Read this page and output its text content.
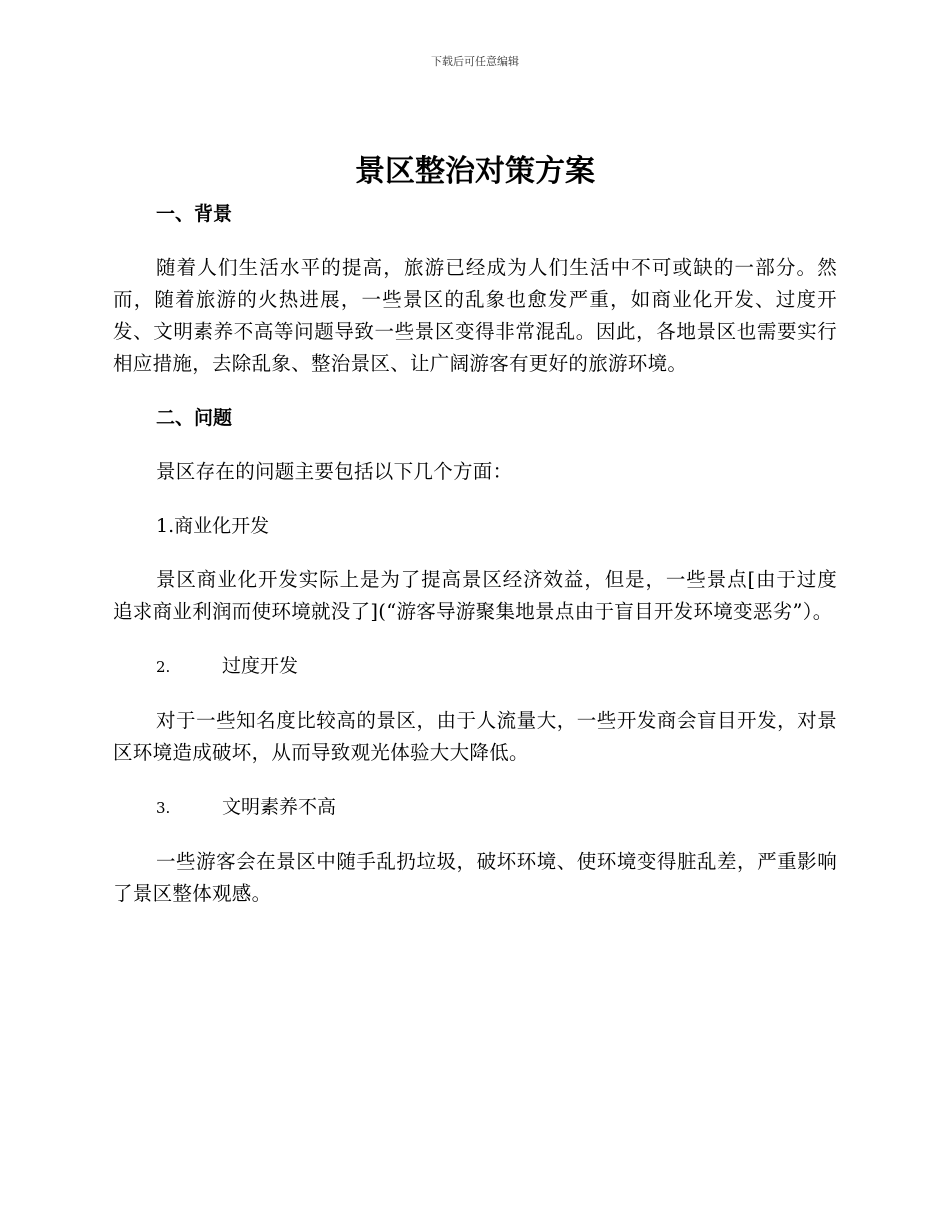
下载后可任意编辑
景区整治对策方案
一、背景

随着人们生活水平的提高，旅游已经成为人们生活中不可或缺的一部分。然而，随着旅游的火热进展，一些景区的乱象也愈发严重，如商业化开发、过度开发、文明素养不高等问题导致一些景区变得非常混乱。因此，各地景区也需要实行相应措施，去除乱象、整治景区、让广阔游客有更好的旅游环境。

二、问题

景区存在的问题主要包括以下几个方面：

1.商业化开发

景区商业化开发实际上是为了提高景区经济效益，但是，一些景点[由于过度追求商业利润而使环境就没了](“游客导游聚集地景点由于盲目开发环境变恶劣”）。

2.	过度开发

对于一些知名度比较高的景区，由于人流量大，一些开发商会盲目开发，对景区环境造成破坏，从而导致观光体验大大降低。

3.	文明素养不高

一些游客会在景区中随手乱扔垃圾，破坏环境、使环境变得脏乱差，严重影响了景区整体观感。
